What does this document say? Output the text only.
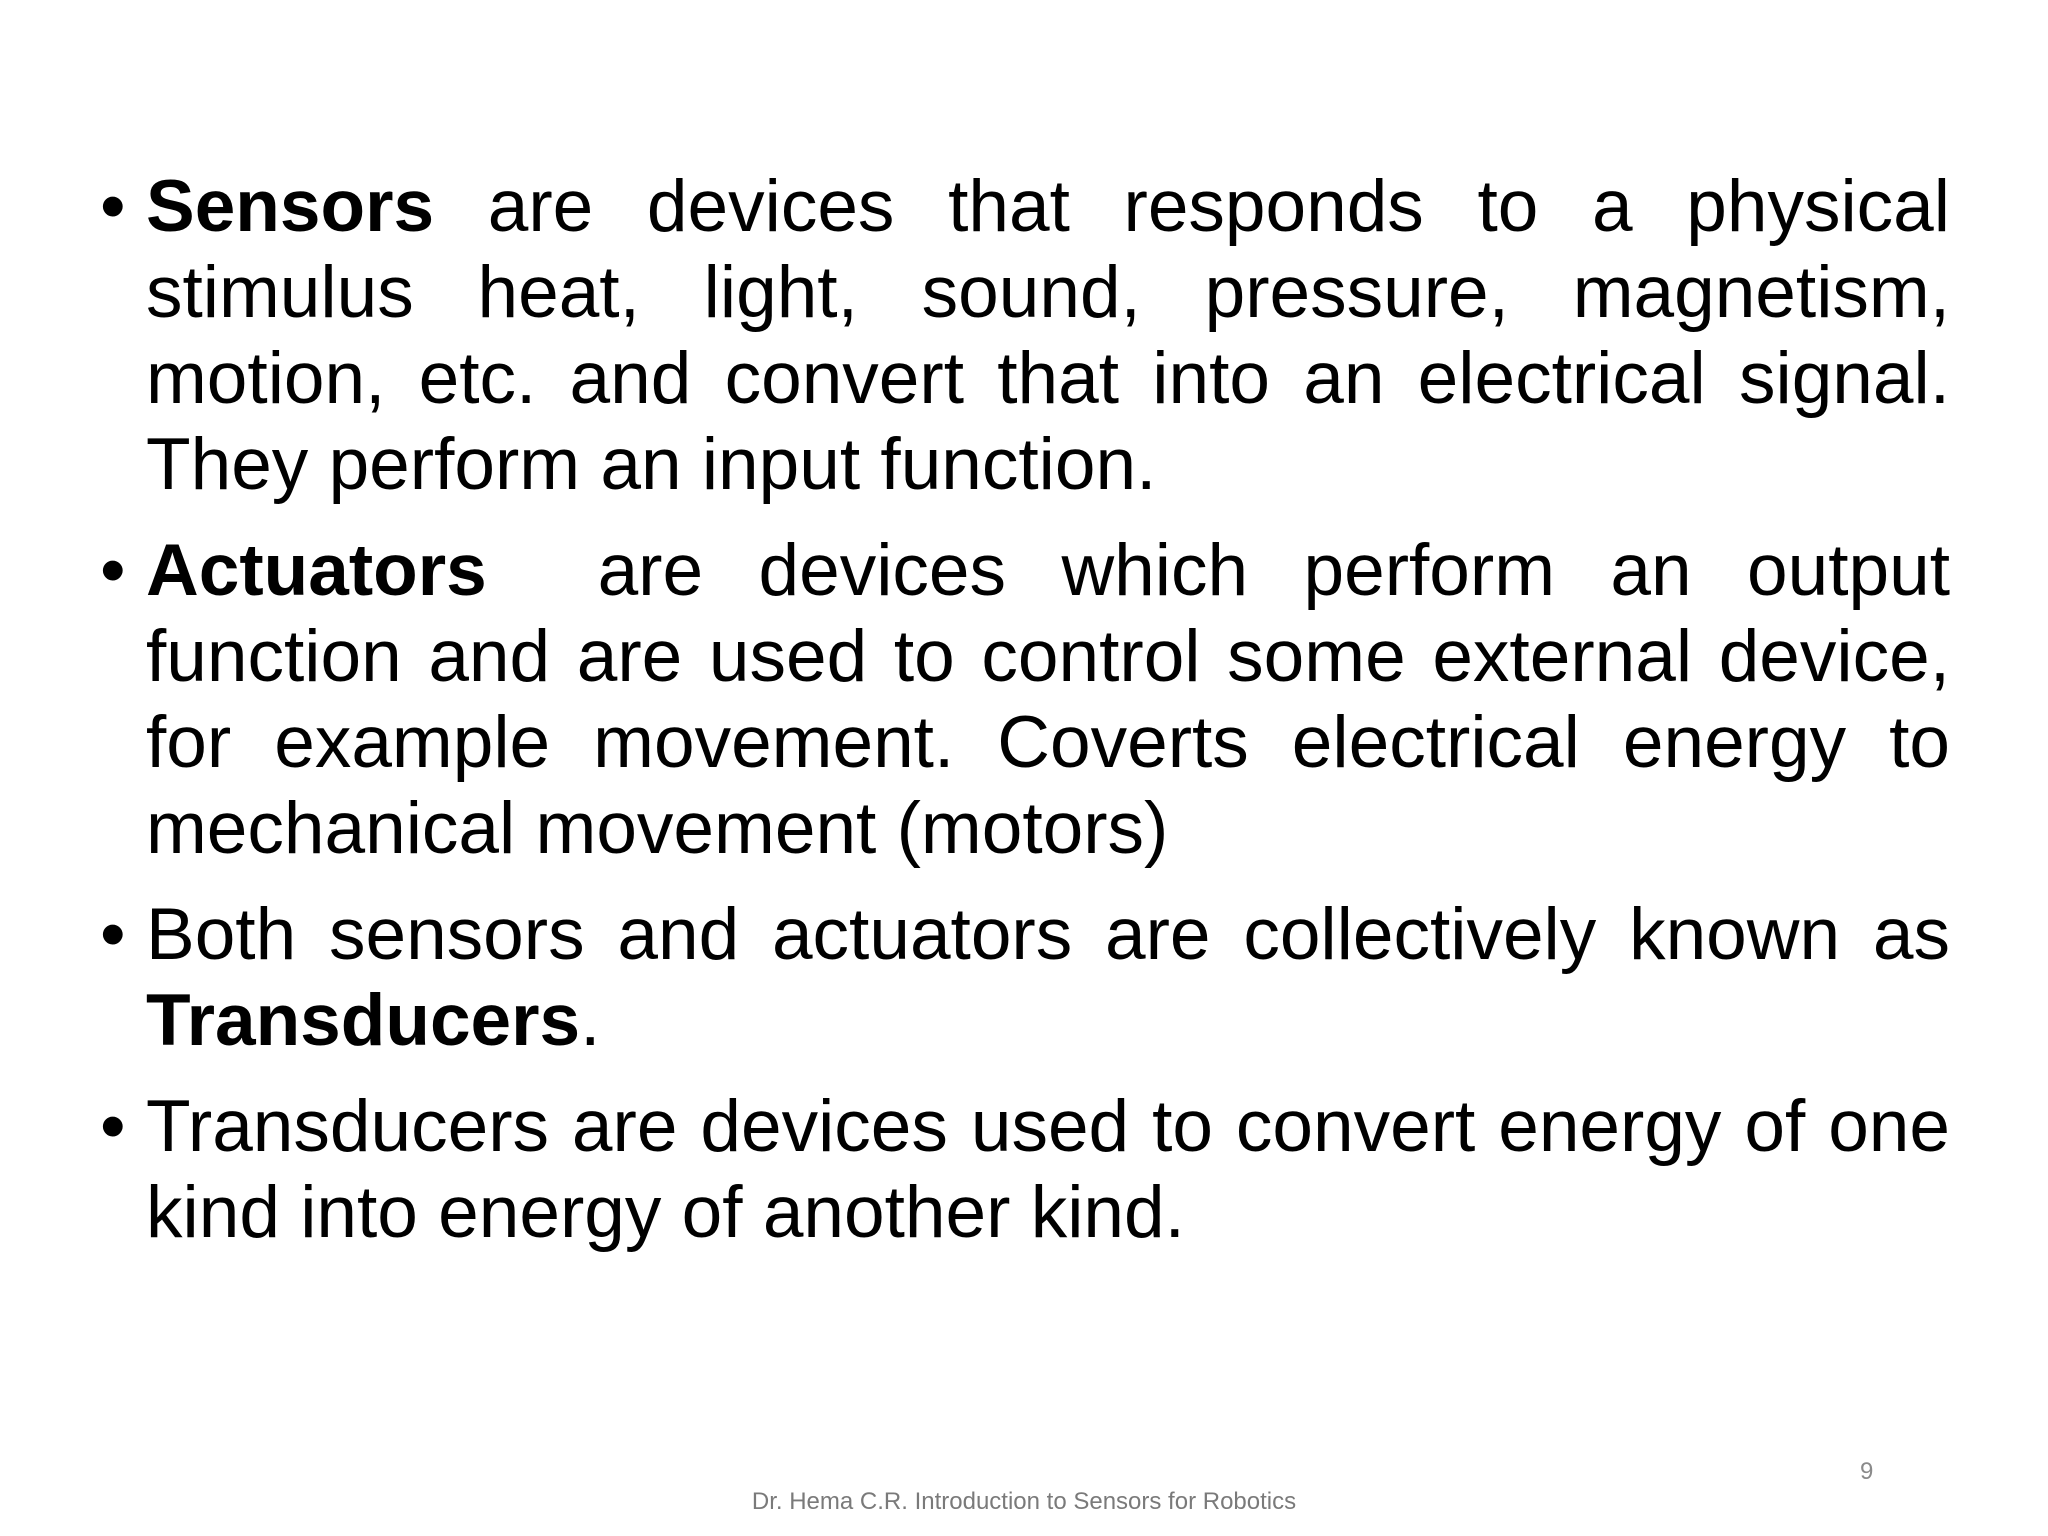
• Sensors are devices that responds to a physical stimulus heat, light, sound, pressure, magnetism, motion, etc. and convert that into an electrical signal. They perform an input function.
• Actuators  are devices which perform an output function and are used to control some external device, for example movement. Coverts electrical energy to mechanical movement (motors)
• Both sensors and actuators are collectively known as Transducers.
• Transducers are devices used to convert energy of one kind into energy of another kind.
9
Dr. Hema C.R. Introduction to Sensors for Robotics
